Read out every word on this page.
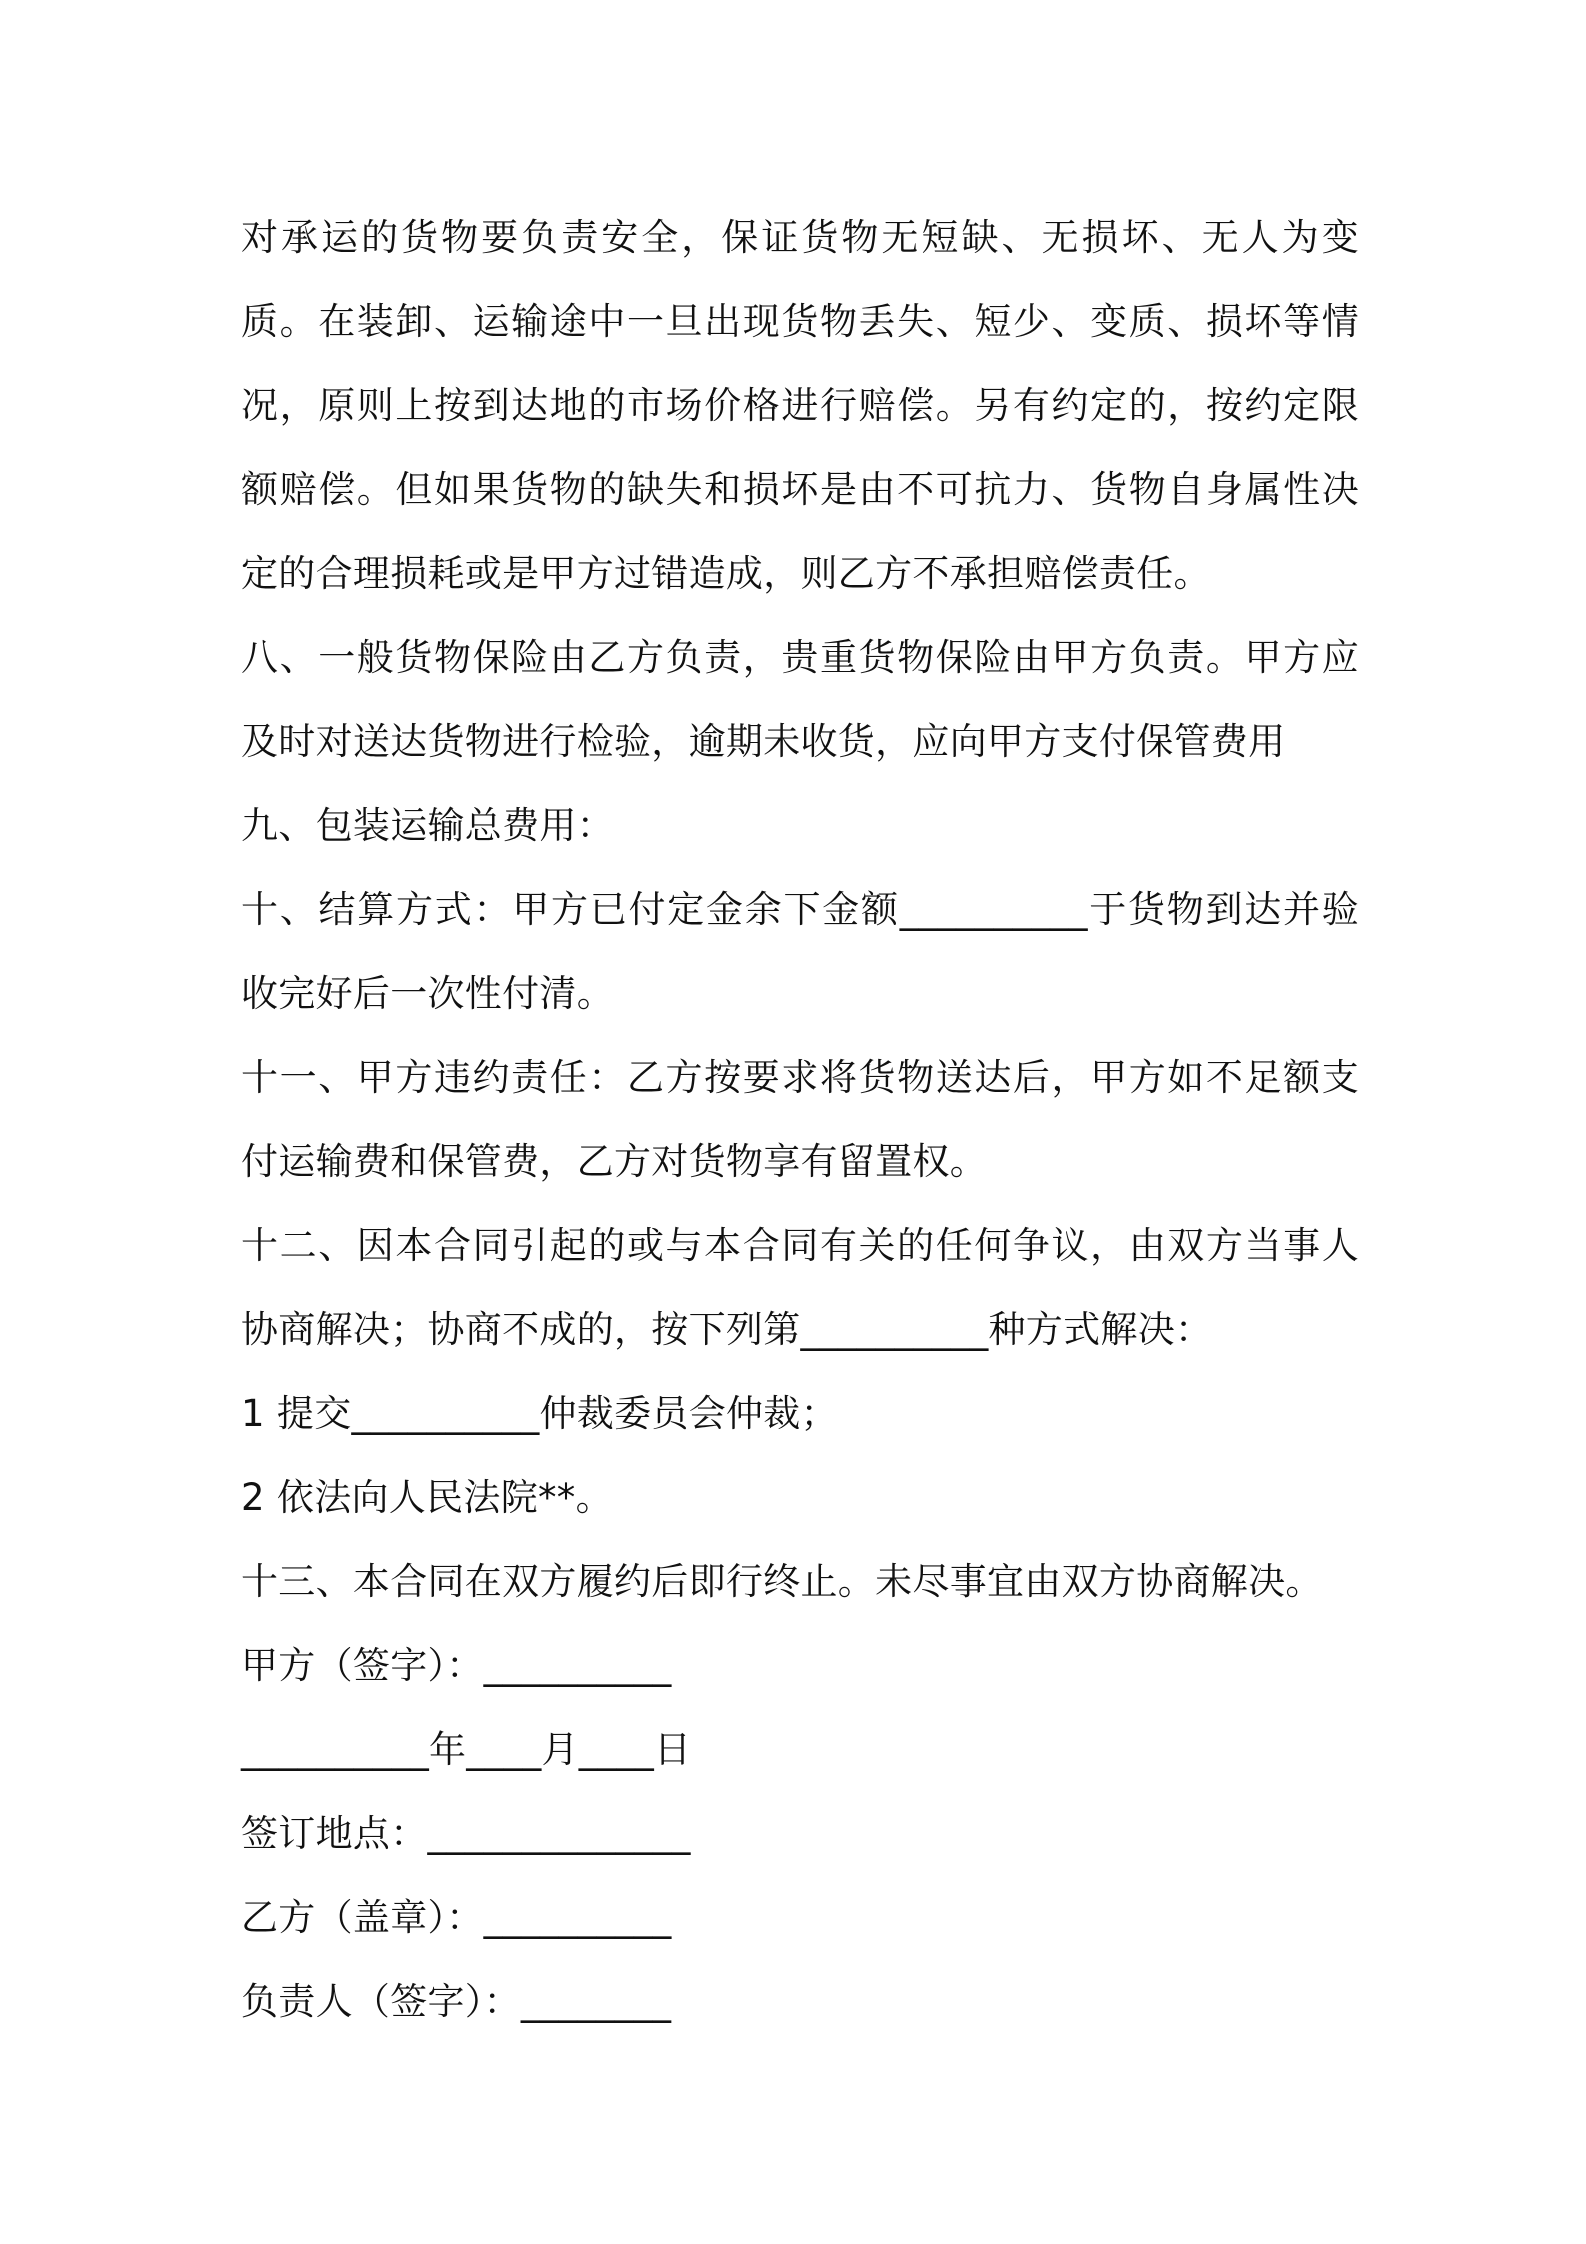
对承运的货物要负责安全，保证货物无短缺、无损坏、无人为变质。在装卸、运输途中一旦出现货物丢失、短少、变质、损坏等情况，原则上按到达地的市场价格进行赔偿。另有约定的，按约定限额赔偿。但如果货物的缺失和损坏是由不可抗力、货物自身属性决定的合理损耗或是甲方过错造成，则乙方不承担赔偿责任。

八、一般货物保险由乙方负责，贵重货物保险由甲方负责。甲方应及时对送达货物进行检验，逾期未收货，应向甲方支付保管费用

九、包装运输总费用：

十、结算方式：甲方已付定金余下金额__________于货物到达并验收完好后一次性付清。

十一、甲方违约责任：乙方按要求将货物送达后，甲方如不足额支付运输费和保管费，乙方对货物享有留置权。

十二、因本合同引起的或与本合同有关的任何争议，由双方当事人协商解决；协商不成的，按下列第__________种方式解决：

1 提交__________仲裁委员会仲裁；

2 依法向人民法院**。

十三、本合同在双方履约后即行终止。未尽事宜由双方协商解决。

甲方（签字）：__________

__________年____月____日

签订地点：______________

乙方（盖章）：__________

负责人（签字）：________
